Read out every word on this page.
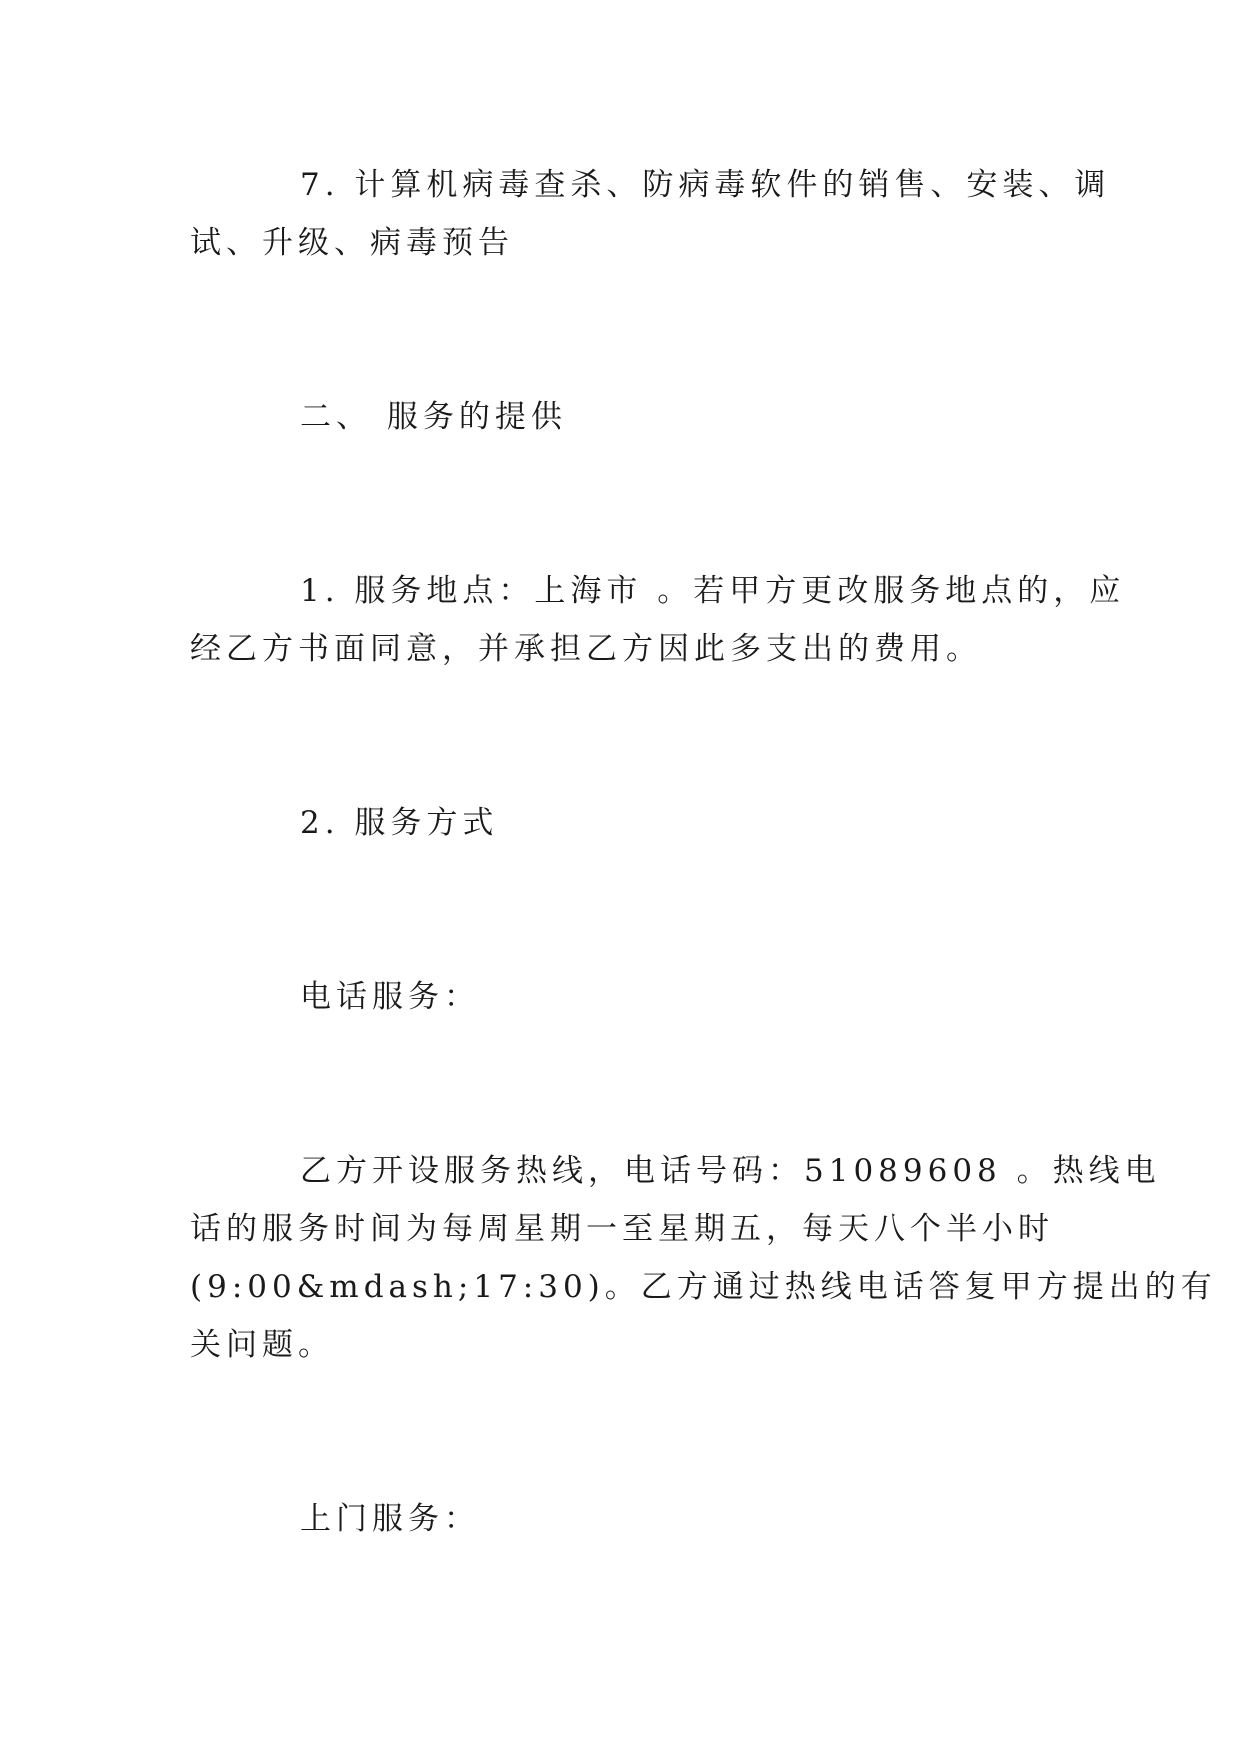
7. 计算机病毒查杀、防病毒软件的销售、安装、调
试、升级、病毒预告
二、 服务的提供
1. 服务地点：上海市 。若甲方更改服务地点的，应
经乙方书面同意，并承担乙方因此多支出的费用。
2. 服务方式
电话服务：
乙方开设服务热线，电话号码：51089608 。热线电
话的服务时间为每周星期一至星期五，每天八个半小时
(9:00&mdash;17:30)。乙方通过热线电话答复甲方提出的有
关问题。
上门服务：
